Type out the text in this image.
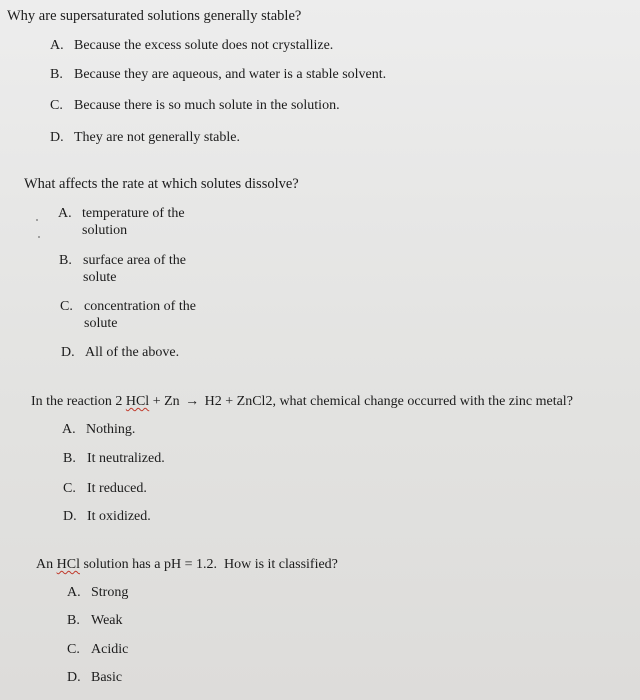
Why are supersaturated solutions generally stable?
A. Because the excess solute does not crystallize.
B. Because they are aqueous, and water is a stable solvent.
C. Because there is so much solute in the solution.
D. They are not generally stable.
What affects the rate at which solutes dissolve?
A. temperature of the solution
B. surface area of the solute
C. concentration of the solute
D. All of the above.
In the reaction 2 HCl + Zn → H2 + ZnCl2, what chemical change occurred with the zinc metal?
A. Nothing.
B. It neutralized.
C. It reduced.
D. It oxidized.
An HCl solution has a pH = 1.2.  How is it classified?
A. Strong
B. Weak
C. Acidic
D. Basic
